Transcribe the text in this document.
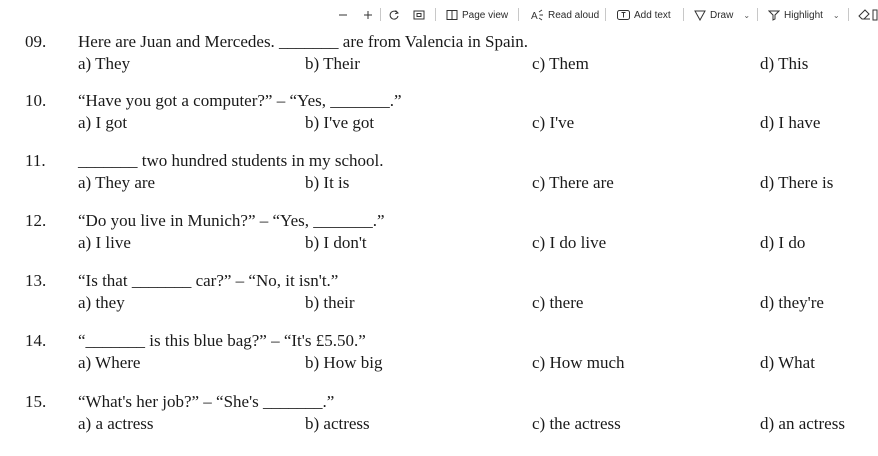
Page view A Read aloud	Add text	Draw ⌄	Highlight ⌄
09. Here are Juan and Mercedes. _______ are from Valencia in Spain.
a) They	b) Their	c) Them	d) This
10. “Have you got a computer?” – “Yes, _______.”
a) I got	b) I've got	c) I've	d) I have
11. _______ two hundred students in my school.
a) They are	b) It is	c) There are	d) There is
12. “Do you live in Munich?” – “Yes, _______.”
a) I live	b) I don't	c) I do live	d) I do
13. “Is that _______ car?” – “No, it isn't.”
a) they	b) their	c) there	d) they're
14. “_______ is this blue bag?” – “It's £5.50.”
a) Where	b) How big	c) How much	d) What
15. “What's her job?” – “She's _______.”
a) a actress	b) actress	c) the actress	d) an actress
